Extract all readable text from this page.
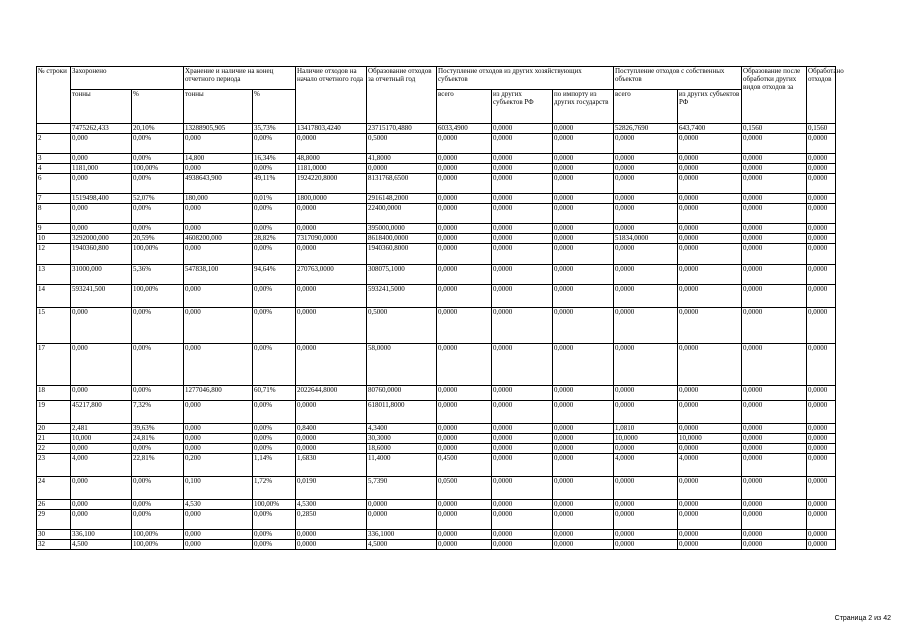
№ строки	Захоронено		Хранение и наличие на конец отчетного периода		Наличие отходов на начало отчетного года	Образование отходов за отчетный год	Поступление отходов из других хозяйствующих субъектов			Поступление отходов с собственных объектов		Образование после обработки других видов отходов за	Обработано отходов
	тонны	%	тонны	%			всего	из других субъектов РФ	по импорту из других государств	всего	из других субъектов РФ		
	7475262,433	20,10%	13288905,905	35,73%	13417803,4240	23715170,4880	6033,4900	0,0000	0,0000	52826,7690	643,7400	0,1560	0,1560
2	0,000	0,00%	0,000	0,00%	0,0000	0,5000	0,0000	0,0000	0,0000	0,0000	0,0000	0,0000	0,0000
3	0,000	0,00%	14,800	16,34%	48,8000	41,8000	0,0000	0,0000	0,0000	0,0000	0,0000	0,0000	0,0000
4	1181,000	100,00%	0,000	0,00%	1181,0000	0,0000	0,0000	0,0000	0,0000	0,0000	0,0000	0,0000	0,0000
6	0,000	0,00%	4938643,900	49,11%	1924220,8000	8131768,6500	0,0000	0,0000	0,0000	0,0000	0,0000	0,0000	0,0000
7	1519498,400	52,07%	180,000	0,01%	1800,0000	2916148,2000	0,0000	0,0000	0,0000	0,0000	0,0000	0,0000	0,0000
8	0,000	0,00%	0,000	0,00%	0,0000	22400,0000	0,0000	0,0000	0,0000	0,0000	0,0000	0,0000	0,0000
9	0,000	0,00%	0,000	0,00%	0,0000	395000,0000	0,0000	0,0000	0,0000	0,0000	0,0000	0,0000	0,0000
10	3292000,000	20,59%	4608200,000	28,82%	7317090,0000	8618400,0000	0,0000	0,0000	0,0000	51834,0000	0,0000	0,0000	0,0000
12	1940360,800	100,00%	0,000	0,00%	0,0000	1940360,8000	0,0000	0,0000	0,0000	0,0000	0,0000	0,0000	0,0000
13	31000,000	5,36%	547838,100	94,64%	270763,0000	308075,1000	0,0000	0,0000	0,0000	0,0000	0,0000	0,0000	0,0000
14	593241,500	100,00%	0,000	0,00%	0,0000	593241,5000	0,0000	0,0000	0,0000	0,0000	0,0000	0,0000	0,0000
15	0,000	0,00%	0,000	0,00%	0,0000	0,5000	0,0000	0,0000	0,0000	0,0000	0,0000	0,0000	0,0000
17	0,000	0,00%	0,000	0,00%	0,0000	58,0000	0,0000	0,0000	0,0000	0,0000	0,0000	0,0000	0,0000
18	0,000	0,00%	1277046,800	60,71%	2022644,8000	80760,0000	0,0000	0,0000	0,0000	0,0000	0,0000	0,0000	0,0000
19	45217,800	7,32%	0,000	0,00%	0,0000	618011,8000	0,0000	0,0000	0,0000	0,0000	0,0000	0,0000	0,0000
20	2,481	39,63%	0,000	0,00%	0,8400	4,3400	0,0000	0,0000	0,0000	1,0810	0,0000	0,0000	0,0000
21	10,000	24,81%	0,000	0,00%	0,0000	30,3000	0,0000	0,0000	0,0000	10,0000	10,0000	0,0000	0,0000
22	0,000	0,00%	0,000	0,00%	0,0000	18,6000	0,0000	0,0000	0,0000	0,0000	0,0000	0,0000	0,0000
23	4,000	22,81%	0,200	1,14%	1,6830	11,4000	0,4500	0,0000	0,0000	4,0000	4,0000	0,0000	0,0000
24	0,000	0,00%	0,100	1,72%	0,0190	5,7390	0,0500	0,0000	0,0000	0,0000	0,0000	0,0000	0,0000
26	0,000	0,00%	4,530	100,00%	4,5300	0,0000	0,0000	0,0000	0,0000	0,0000	0,0000	0,0000	0,0000
29	0,000	0,00%	0,000	0,00%	0,2850	0,0000	0,0000	0,0000	0,0000	0,0000	0,0000	0,0000	0,0000
30	336,100	100,00%	0,000	0,00%	0,0000	336,1000	0,0000	0,0000	0,0000	0,0000	0,0000	0,0000	0,0000
32	4,500	100,00%	0,000	0,00%	0,0000	4,5000	0,0000	0,0000	0,0000	0,0000	0,0000	0,0000	0,0000
Страница 2 из 42
